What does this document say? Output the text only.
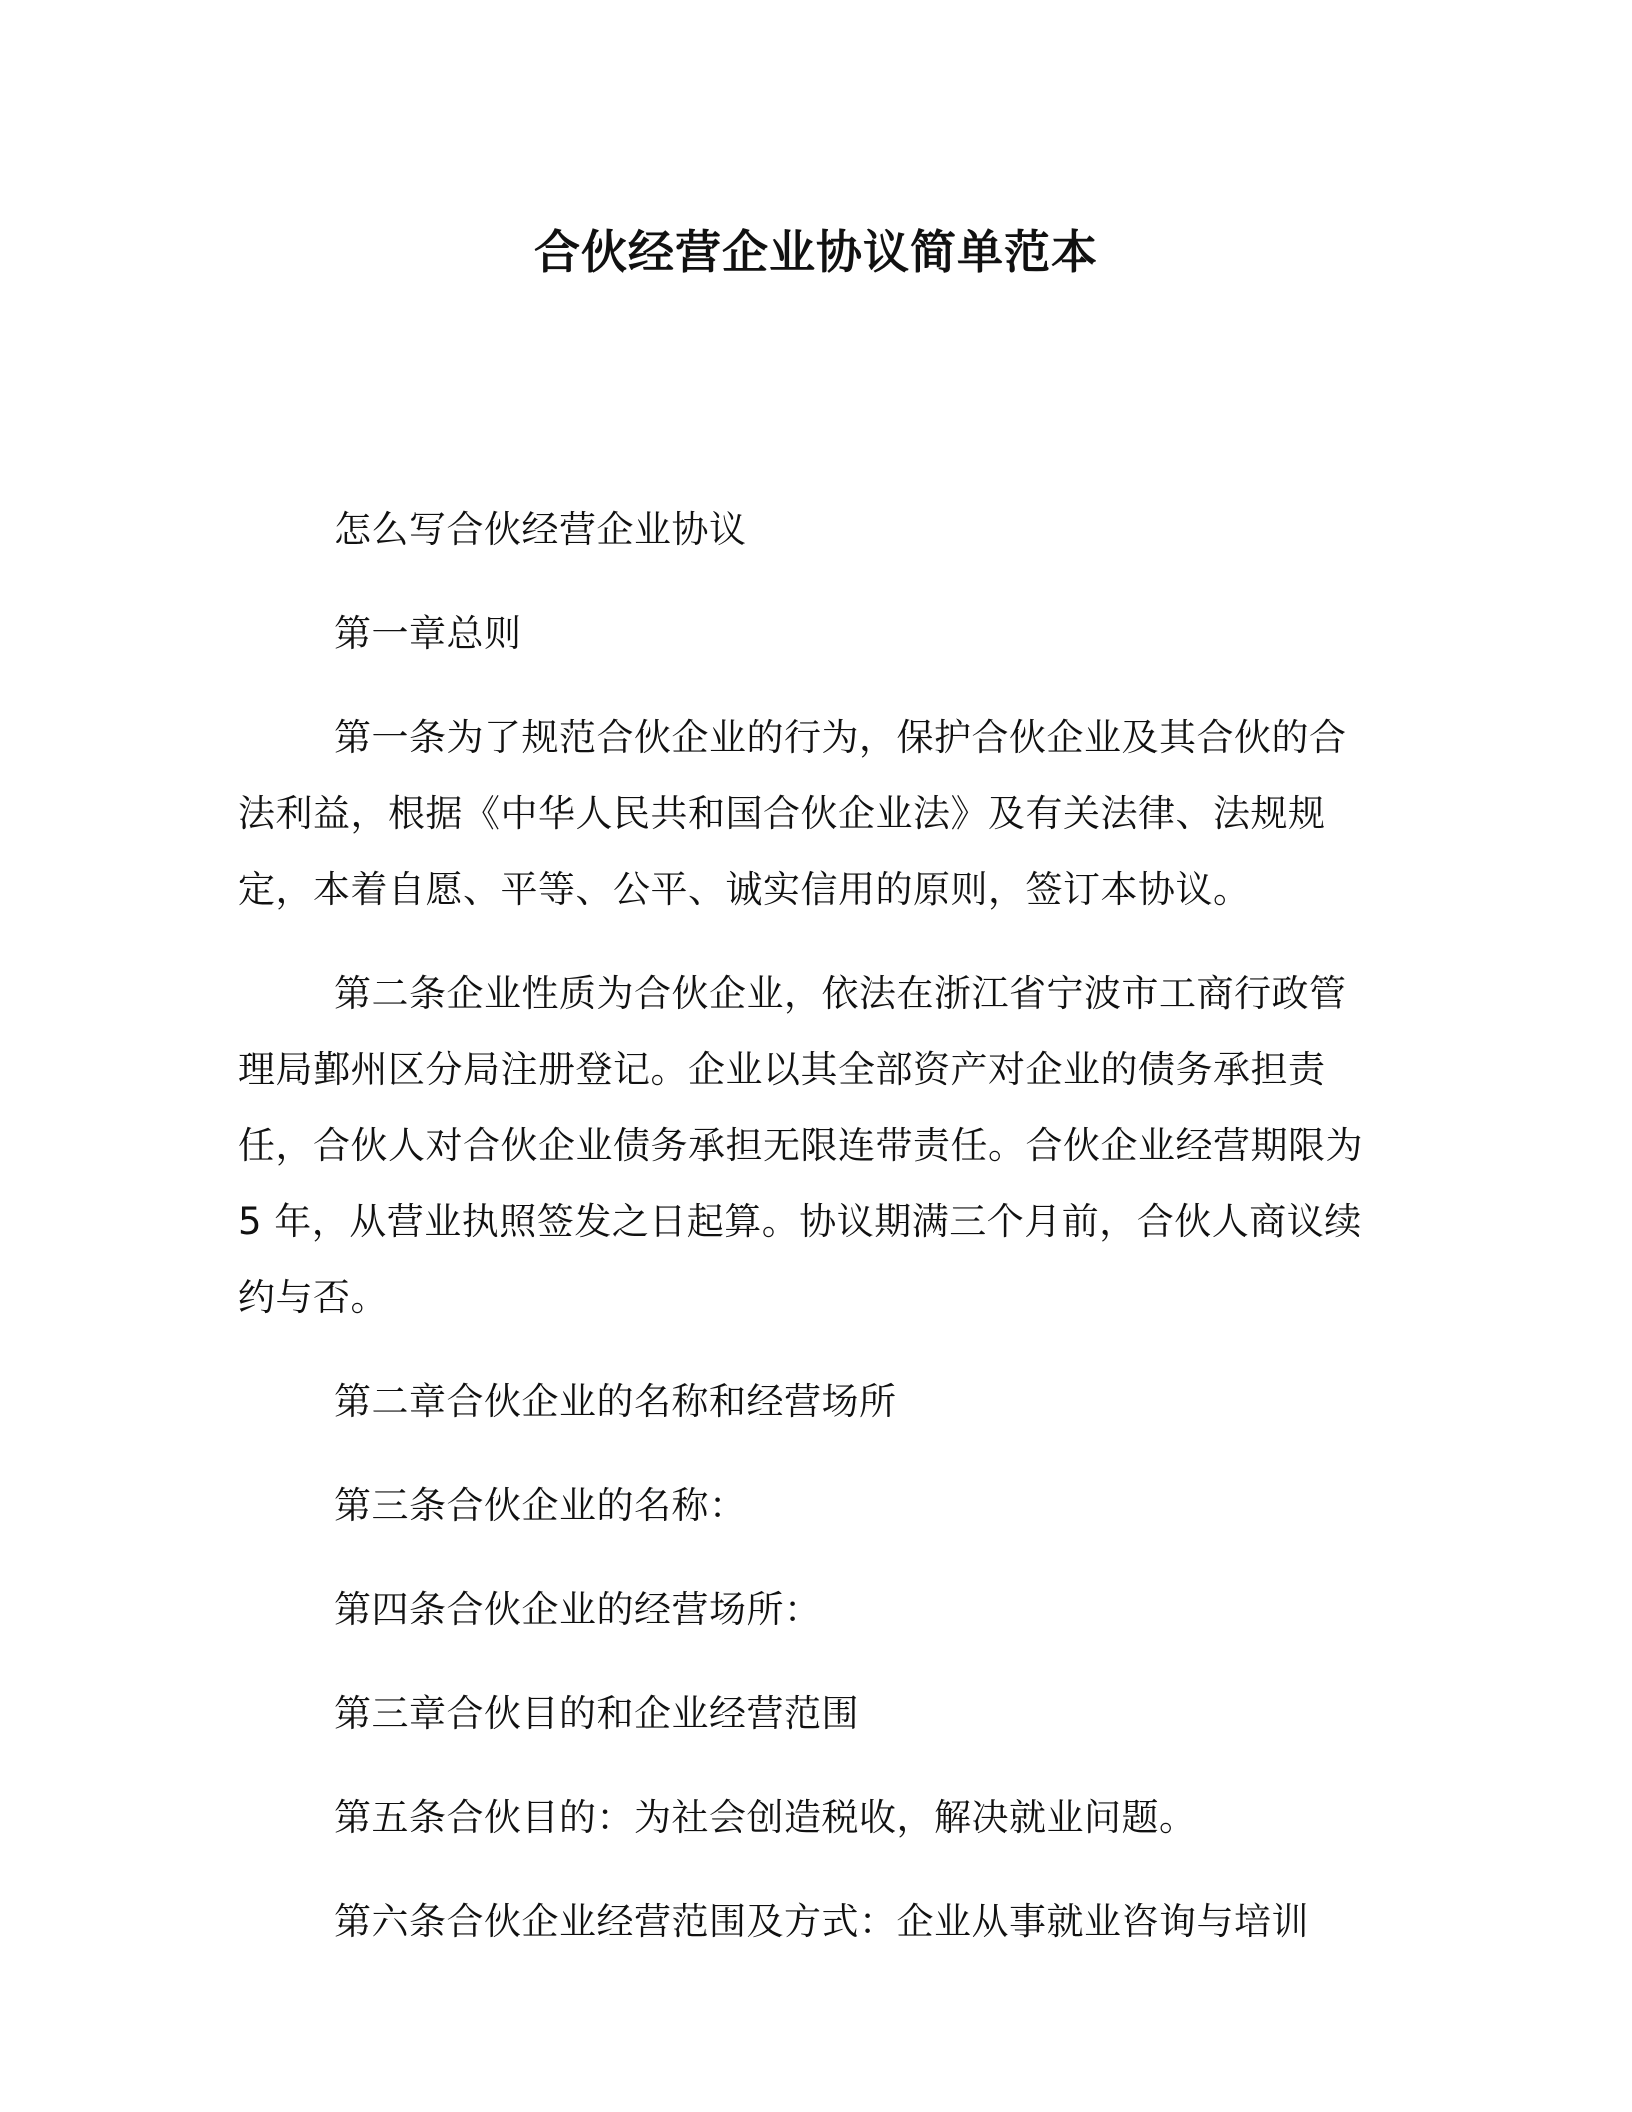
合伙经营企业协议简单范本

怎么写合伙经营企业协议

第一章总则

第一条为了规范合伙企业的行为，保护合伙企业及其合伙的合法利益，根据《中华人民共和国合伙企业法》及有关法律、法规规定，本着自愿、平等、公平、诚实信用的原则，签订本协议。

第二条企业性质为合伙企业，依法在浙江省宁波市工商行政管理局鄞州区分局注册登记。企业以其全部资产对企业的债务承担责任，合伙人对合伙企业债务承担无限连带责任。合伙企业经营期限为 5 年，从营业执照签发之日起算。协议期满三个月前，合伙人商议续约与否。

第二章合伙企业的名称和经营场所

第三条合伙企业的名称：

第四条合伙企业的经营场所：

第三章合伙目的和企业经营范围

第五条合伙目的：为社会创造税收，解决就业问题。

第六条合伙企业经营范围及方式：企业从事就业咨询与培训
